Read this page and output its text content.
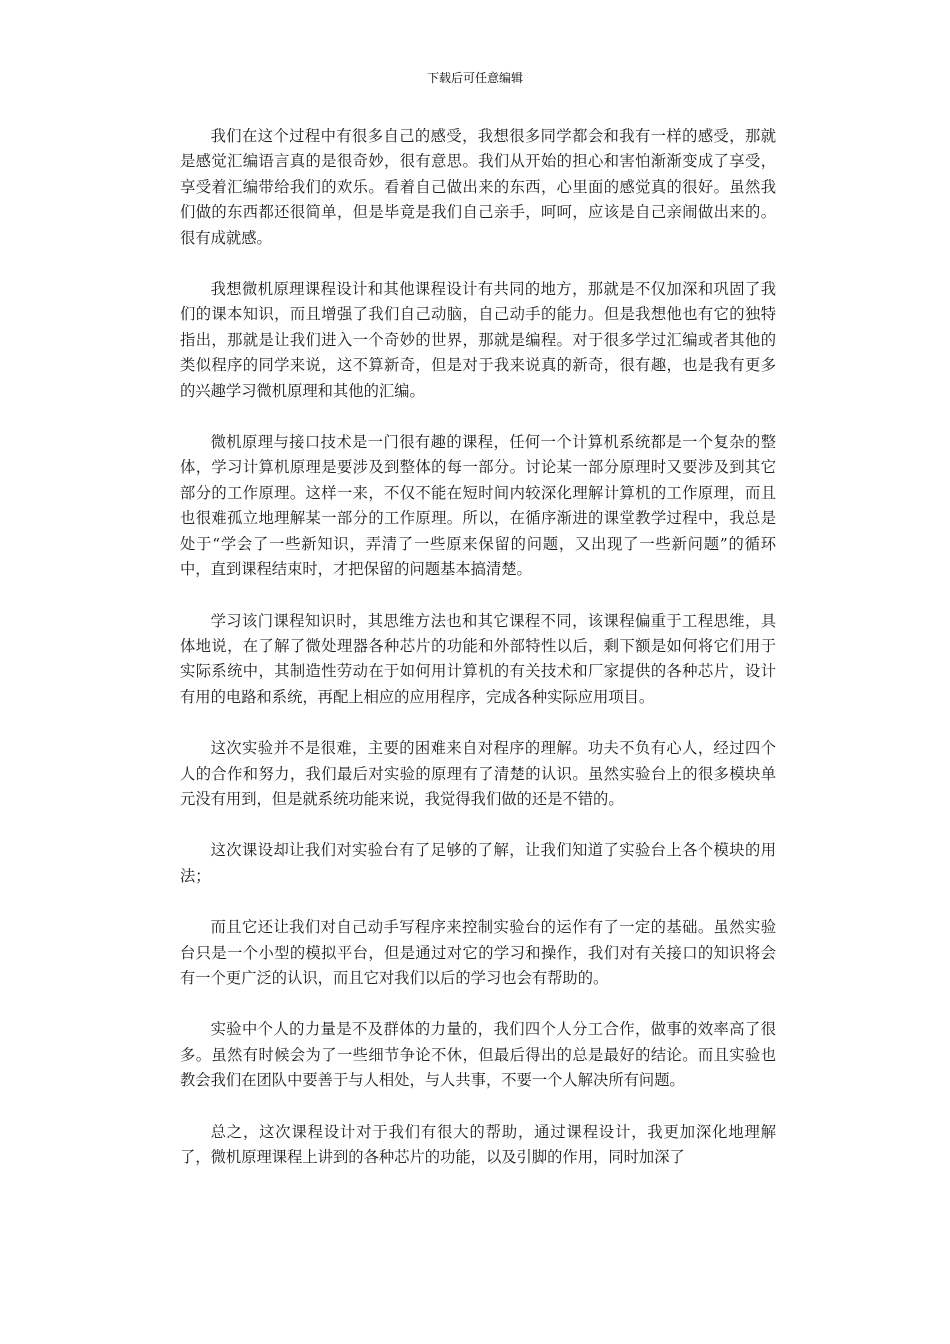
下载后可任意编辑

我们在这个过程中有很多自己的感受，我想很多同学都会和我有一样的感受，那就是感觉汇编语言真的是很奇妙，很有意思。我们从开始的担心和害怕渐渐变成了享受，享受着汇编带给我们的欢乐。看着自己做出来的东西，心里面的感觉真的很好。虽然我们做的东西都还很简单，但是毕竟是我们自己亲手，呵呵，应该是自己亲闹做出来的。很有成就感。

我想微机原理课程设计和其他课程设计有共同的地方，那就是不仅加深和巩固了我们的课本知识，而且增强了我们自己动脑，自己动手的能力。但是我想他也有它的独特指出，那就是让我们进入一个奇妙的世界，那就是编程。对于很多学过汇编或者其他的类似程序的同学来说，这不算新奇，但是对于我来说真的新奇，很有趣，也是我有更多的兴趣学习微机原理和其他的汇编。

微机原理与接口技术是一门很有趣的课程，任何一个计算机系统都是一个复杂的整体，学习计算机原理是要涉及到整体的每一部分。讨论某一部分原理时又要涉及到其它部分的工作原理。这样一来，不仅不能在短时间内较深化理解计算机的工作原理，而且也很难孤立地理解某一部分的工作原理。所以，在循序渐进的课堂教学过程中，我总是处于“学会了一些新知识，弄清了一些原来保留的问题，又出现了一些新问题”的循环中，直到课程结束时，才把保留的问题基本搞清楚。

学习该门课程知识时，其思维方法也和其它课程不同，该课程偏重于工程思维，具体地说，在了解了微处理器各种芯片的功能和外部特性以后，剩下额是如何将它们用于实际系统中，其制造性劳动在于如何用计算机的有关技术和厂家提供的各种芯片，设计有用的电路和系统，再配上相应的应用程序，完成各种实际应用项目。

这次实验并不是很难，主要的困难来自对程序的理解。功夫不负有心人，经过四个人的合作和努力，我们最后对实验的原理有了清楚的认识。虽然实验台上的很多模块单元没有用到，但是就系统功能来说，我觉得我们做的还是不错的。

这次课设却让我们对实验台有了足够的了解，让我们知道了实验台上各个模块的用法；

而且它还让我们对自己动手写程序来控制实验台的运作有了一定的基础。虽然实验台只是一个小型的模拟平台，但是通过对它的学习和操作，我们对有关接口的知识将会有一个更广泛的认识，而且它对我们以后的学习也会有帮助的。

实验中个人的力量是不及群体的力量的，我们四个人分工合作，做事的效率高了很多。虽然有时候会为了一些细节争论不休，但最后得出的总是最好的结论。而且实验也教会我们在团队中要善于与人相处，与人共事，不要一个人解决所有问题。

总之，这次课程设计对于我们有很大的帮助，通过课程设计，我更加深化地理解了，微机原理课程上讲到的各种芯片的功能，以及引脚的作用，同时加深了
